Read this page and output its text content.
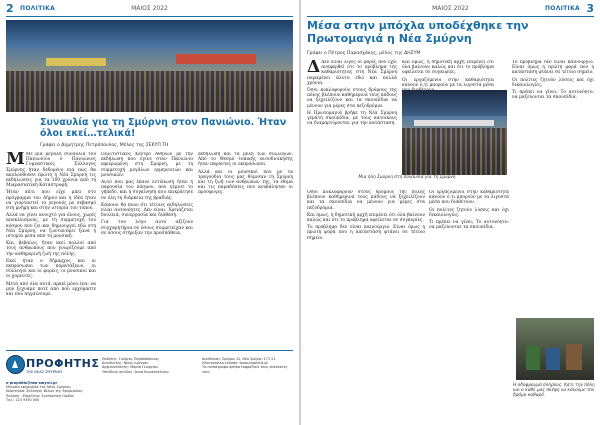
2 ΠΟΛΙΤΙΚΑ	ΜΑΙΟΣ 2022
Συναυλία για τη Σμύρνη στον Πανιώνιο. Ήταν όλοι εκεί…τελικά!
Γράφει ο Δημήτρης Πετρόπουλος, Μέλος της ΣΕΚΥΠ ΤΗ
M Με μια μεγάλη συναυλία του Πανιωνίου ο Πανιώνιος Γυμναστικός Σύλλογος Σμύρνης ήταν δεδομένο πια πως θα ακολουθούσε πρώτη η Νέα Σμύρνη τις εκδηλώσεις για τα 100 χρόνια από τη Μικρασιατική Καταστροφή.

Ήταν κάτι που είχε μπει στο πρόγραμμα του Δήμου και η ιδέα ήταν να γιορταστεί το γεγονός με σεβασμό στη μνήμη και στην ιστορία του τόπου.

Αλλά να γίνει ανοιχτό για όλους, χωρίς αποκλεισμούς, με τη συμμετοχή του κόσμου που ζει και δημιουργεί εδώ στη Νέα Σμύρνη, να ζωντανέψει ξανά η ιστορία μέσα από τη μουσική.

Και, βεβαίως, ήταν εκεί πολλοί από τους ανθρώπους που γνωρίζουμε από την καθημερινή ζωή της πόλης.

Εκεί ήταν ο δήμαρχος και οι εκπρόσωποι των παρατάξεων, οι σύλλογοι και οι φορείς, οι μουσικοί και οι χορευτές.

Μετά από όλα αυτά, αρκεί μόνο ένα: να μην ξεχνάμε ποτέ από πού ερχόμαστε και πού πηγαίνουμε.

Πολιτιστικός Κέντρο Αθηνών με την εκδήλωση που έγινε στον Πανιώνιο αφιερωμένη στη Σμύρνη, με τη συμμετοχή μεγάλων ερμηνευτών και μουσικών.

Αυτό που μας έκανε εντύπωση ήταν η παρουσία του κόσμου, που γέμισε το γήπεδο, και η συγκίνηση που επικράτησε σε όλη τη διάρκεια της βραδιάς.

Κάποιοι θα πουν ότι τέτοιες εκδηλώσεις είναι αυτονόητες. Δεν είναι. Χρειάζεται δουλειά, συνεργασία και διάθεση.

Για τον λόγο αυτό αξίζουν συγχαρητήρια σε όσους συμμετείχαν και σε όσους στήριξαν την προσπάθεια.

εκδήλωση και τα μέλη των συλλόγων. Από το Θεσμό τοπικής αυτοδιοίκησης ήταν παρόντες οι εκπρόσωποι.

Αλλά και οι μουσικοί που με τα τραγούδια τους μας θύμισαν τη Σμύρνη και τη ζωή των ανθρώπων της, τα έθιμα και τις παραδόσεις που κουβάλησαν οι πρόσφυγες.

ΠΡΟΦΗΤΗΣ
ΤΗΣ ΝΕΑΣ ΣΜΥΡΝΗΣ
e-prophitis@nea-smyrni.gr
Μηνιαία εφημερίδα της Νέας Σμύρνης
Ιδιοκτησία: Σύλλογος Φίλων της Εφημερίδας
Έκδοση – Επιμέλεια: Συντακτική Ομάδα
Τηλ.: 210 9350 000
Εκδότης: Γιώργος Παπαδόπουλος
Διευθυντής: Νίκος Ιωάννου
Αρχισυντάκτης: Μαρία Γεωργίου
Υπεύθυνη σελίδας: Άννα Κωνσταντίνου
Διεύθυνση: Ομήρου 12, Νέα Σμύρνη 171 21
Ηλεκτρονική έκδοση: www.prophitis.gr
Τα ενυπόγραφα άρθρα εκφράζουν τους συντάκτες τους
ΜΑΙΟΣ 2022	ΠΟΛΙΤΙΚΑ 3
Μέσα στην μπόχλα υποδέχθηκε την Πρωτομαγιά η Νέα Σμύρνη
Γράφει ο Πέτρος Παρασχάκης, μέλος της ΔΗΣΥΜ
Δ Δεν είναι λίγες οι φορές που έχει αναφερθεί ότι το πρόβλημα της καθαριότητας στη Νέα Σμύρνη παραμένει άλυτο εδώ και πολλά χρόνια.

Όσοι κυκλοφορούν στους δρόμους της πόλης βλέπουν καθημερινά τους κάδους να ξεχειλίζουν και τα σκουπίδια να μένουν για μέρες στα πεζοδρόμια.

Η Πρωτομαγιά βρήκε τη Νέα Σμύρνη γεμάτη σκουπίδια, με τους κατοίκους να διαμαρτύρονται για την κατάσταση.

Και όμως, η δημοτική αρχή επιμένει ότι όλα βαίνουν καλώς και ότι το πρόβλημα οφείλεται σε συγκυρίες.

Οι εργαζόμενοι στην καθαριότητα κάνουν ό,τι μπορούν με τα λιγοστά μέσα

Το πρόβλημα δεν είναι καινούργιο. Είναι όμως η πρώτη φορά που η κατάσταση φτάνει σε τέτοιο σημείο.

Οι πολίτες ζητούν λύσεις και όχι δικαιολογίες.

Τι πρέπει να γίνει; Το αυτονόητο: να μαζεύονται τα σκουπίδια.

Μια όλη Σμύρνη στη συναυλία για τη Σμύρνη

Όσοι κυκλοφορούν στους δρόμους της πόλης βλέπουν καθημερινά τους κάδους να ξεχειλίζουν και τα σκουπίδια να μένουν για μέρες στα πεζοδρόμια.

Και όμως, η δημοτική αρχή επιμένει ότι όλα βαίνουν καλώς και ότι το πρόβλημα οφείλεται σε συγκυρίες.

Το πρόβλημα δεν είναι καινούργιο. Είναι όμως η πρώτη φορά που η κατάσταση φτάνει σε τέτοιο σημείο.

Οι εργαζόμενοι στην καθαριότητα κάνουν ό,τι μπορούν με τα λιγοστά μέσα που διαθέτουν.

Οι πολίτες ζητούν λύσεις και όχι δικαιολογίες.

Τι πρέπει να γίνει; Το αυτονόητο: να μαζεύονται τα σκουπίδια.

Η οδοφραγμό πλήρους. Κάτι την πόλη και ο καθε μας σκέψη να κάνουμε τον δρόμο καθαρό.
